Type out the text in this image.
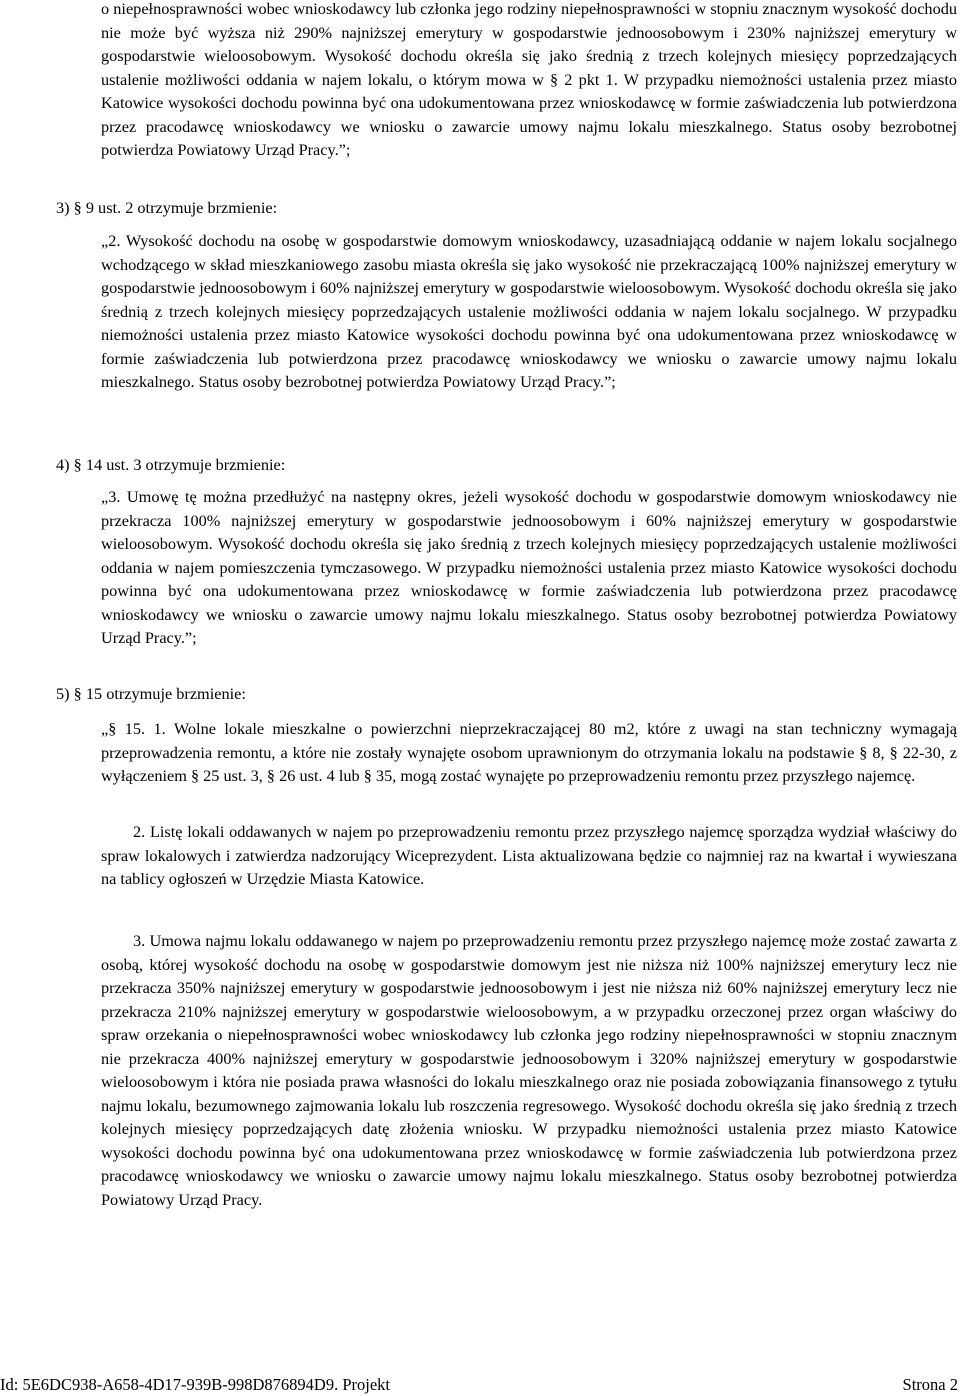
o niepełnosprawności wobec wnioskodawcy lub członka jego rodziny niepełnosprawności w stopniu znacznym wysokość dochodu nie może być wyższa niż 290% najniższej emerytury w gospodarstwie jednoosobowym i 230% najniższej emerytury w gospodarstwie wieloosobowym. Wysokość dochodu określa się jako średnią z trzech kolejnych miesięcy poprzedzających ustalenie możliwości oddania w najem lokalu, o którym mowa w § 2 pkt 1. W przypadku niemożności ustalenia przez miasto Katowice wysokości dochodu powinna być ona udokumentowana przez wnioskodawcę w formie zaświadczenia lub potwierdzona przez pracodawcę wnioskodawcy we wniosku o zawarcie umowy najmu lokalu mieszkalnego. Status osoby bezrobotnej potwierdza Powiatowy Urząd Pracy.”;

3) § 9 ust. 2 otrzymuje brzmienie:

„2. Wysokość dochodu na osobę w gospodarstwie domowym wnioskodawcy, uzasadniającą oddanie w najem lokalu socjalnego wchodzącego w skład mieszkaniowego zasobu miasta określa się jako wysokość nie przekraczającą 100% najniższej emerytury w gospodarstwie jednoosobowym i 60% najniższej emerytury w gospodarstwie wieloosobowym. Wysokość dochodu określa się jako średnią z trzech kolejnych miesięcy poprzedzających ustalenie możliwości oddania w najem lokalu socjalnego. W przypadku niemożności ustalenia przez miasto Katowice wysokości dochodu powinna być ona udokumentowana przez wnioskodawcę w formie zaświadczenia lub potwierdzona przez pracodawcę wnioskodawcy we wniosku o zawarcie umowy najmu lokalu mieszkalnego. Status osoby bezrobotnej potwierdza Powiatowy Urząd Pracy.”;

4) § 14 ust. 3 otrzymuje brzmienie:

„3. Umowę tę można przedłużyć na następny okres, jeżeli wysokość dochodu w gospodarstwie domowym wnioskodawcy nie przekracza 100% najniższej emerytury w gospodarstwie jednoosobowym i 60% najniższej emerytury w gospodarstwie wieloosobowym. Wysokość dochodu określa się jako średnią z trzech kolejnych miesięcy poprzedzających ustalenie możliwości oddania w najem pomieszczenia tymczasowego. W przypadku niemożności ustalenia przez miasto Katowice wysokości dochodu powinna być ona udokumentowana przez wnioskodawcę w formie zaświadczenia lub potwierdzona przez pracodawcę wnioskodawcy we wniosku o zawarcie umowy najmu lokalu mieszkalnego. Status osoby bezrobotnej potwierdza Powiatowy Urząd Pracy.”;

5) § 15 otrzymuje brzmienie:

„§ 15. 1. Wolne lokale mieszkalne o powierzchni nieprzekraczającej 80 m2, które z uwagi na stan techniczny wymagają przeprowadzenia remontu, a które nie zostały wynajęte osobom uprawnionym do otrzymania lokalu na podstawie § 8, § 22-30, z wyłączeniem § 25 ust. 3, § 26 ust. 4 lub § 35, mogą zostać wynajęte po przeprowadzeniu remontu przez przyszłego najemcę.

2. Listę lokali oddawanych w najem po przeprowadzeniu remontu przez przyszłego najemcę sporządza wydział właściwy do spraw lokalowych i zatwierdza nadzorujący Wiceprezydent. Lista aktualizowana będzie co najmniej raz na kwartał i wywieszana na tablicy ogłoszeń w Urzędzie Miasta Katowice.

3. Umowa najmu lokalu oddawanego w najem po przeprowadzeniu remontu przez przyszłego najemcę może zostać zawarta z osobą, której wysokość dochodu na osobę w gospodarstwie domowym jest nie niższa niż 100% najniższej emerytury lecz nie przekracza 350% najniższej emerytury w gospodarstwie jednoosobowym i jest nie niższa niż 60% najniższej emerytury lecz nie przekracza 210% najniższej emerytury w gospodarstwie wieloosobowym, a w przypadku orzeczonej przez organ właściwy do spraw orzekania o niepełnosprawności wobec wnioskodawcy lub członka jego rodziny niepełnosprawności w stopniu znacznym nie przekracza 400% najniższej emerytury w gospodarstwie jednoosobowym i 320% najniższej emerytury w gospodarstwie wieloosobowym i która nie posiada prawa własności do lokalu mieszkalnego oraz nie posiada zobowiązania finansowego z tytułu najmu lokalu, bezumownego zajmowania lokalu lub roszczenia regresowego. Wysokość dochodu określa się jako średnią z trzech kolejnych miesięcy poprzedzających datę złożenia wniosku. W przypadku niemożności ustalenia przez miasto Katowice wysokości dochodu powinna być ona udokumentowana przez wnioskodawcę w formie zaświadczenia lub potwierdzona przez pracodawcę wnioskodawcy we wniosku o zawarcie umowy najmu lokalu mieszkalnego. Status osoby bezrobotnej potwierdza Powiatowy Urząd Pracy.

Id: 5E6DC938-A658-4D17-939B-998D876894D9. Projekt	Strona 2
